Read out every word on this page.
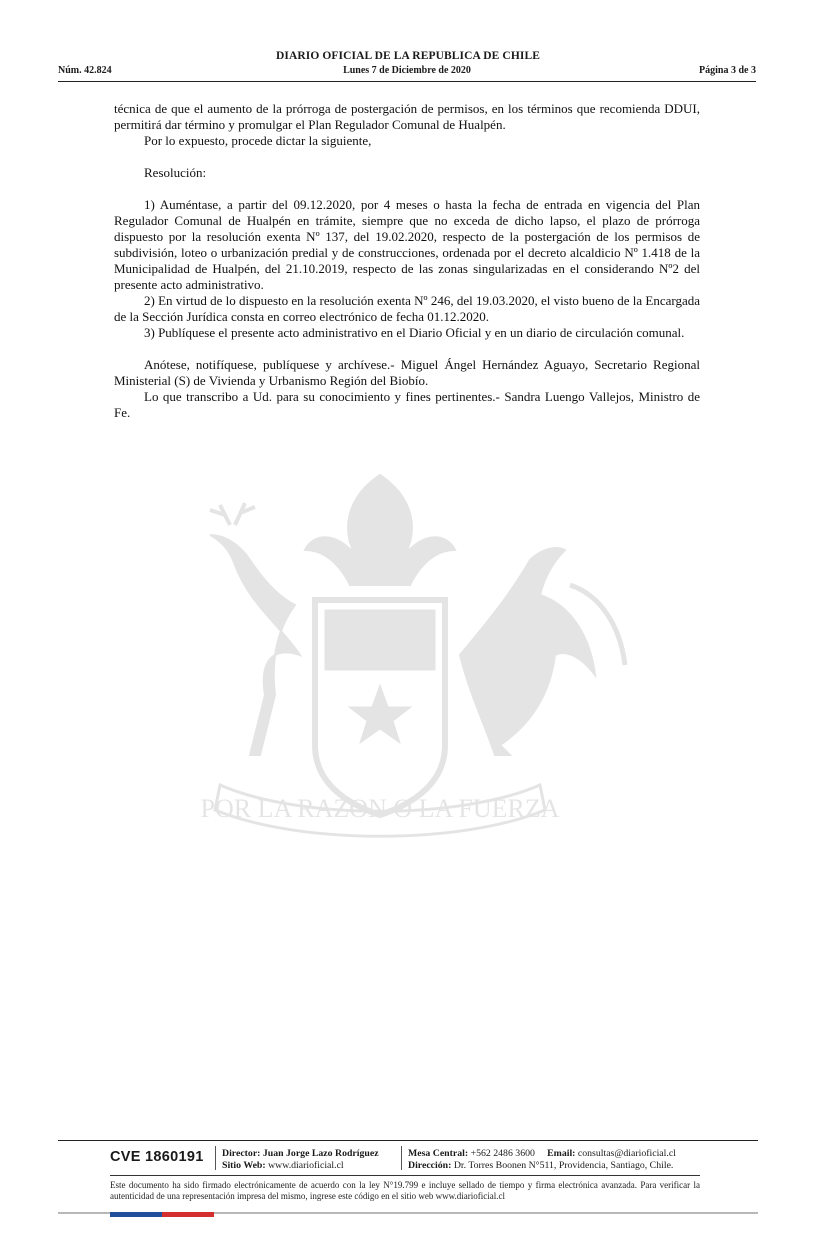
DIARIO OFICIAL DE LA REPUBLICA DE CHILE
Núm. 42.824	Lunes 7 de Diciembre de 2020	Página 3 de 3
POR LA RAZON O LA FUERZA

técnica de que el aumento de la prórroga de postergación de permisos, en los términos que recomienda DDUI, permitirá dar término y promulgar el Plan Regulador Comunal de Hualpén.

Por lo expuesto, procede dictar la siguiente,

Resolución:

1) Auméntase, a partir del 09.12.2020, por 4 meses o hasta la fecha de entrada en vigencia del Plan Regulador Comunal de Hualpén en trámite, siempre que no exceda de dicho lapso, el plazo de prórroga dispuesto por la resolución exenta Nº 137, del 19.02.2020, respecto de la postergación de los permisos de subdivisión, loteo o urbanización predial y de construcciones, ordenada por el decreto alcaldicio Nº 1.418 de la Municipalidad de Hualpén, del 21.10.2019, respecto de las zonas singularizadas en el considerando Nº2 del presente acto administrativo.

2) En virtud de lo dispuesto en la resolución exenta Nº 246, del 19.03.2020, el visto bueno de la Encargada de la Sección Jurídica consta en correo electrónico de fecha 01.12.2020.

3) Publíquese el presente acto administrativo en el Diario Oficial y en un diario de circulación comunal.

Anótese, notifíquese, publíquese y archívese.- Miguel Ángel Hernández Aguayo, Secretario Regional Ministerial (S) de Vivienda y Urbanismo Región del Biobío.

Lo que transcribo a Ud. para su conocimiento y fines pertinentes.- Sandra Luengo Vallejos, Ministro de Fe.

CVE 1860191 Director: Juan Jorge Lazo Rodríguez
Sitio Web: www.diarioficial.cl
Mesa Central: +562 2486 3600 Email: consultas@diarioficial.cl
Dirección: Dr. Torres Boonen N°511, Providencia, Santiago, Chile.
Este documento ha sido firmado electrónicamente de acuerdo con la ley N°19.799 e incluye sellado de tiempo y firma electrónica avanzada. Para verificar la autenticidad de una representación impresa del mismo, ingrese este código en el sitio web www.diarioficial.cl
